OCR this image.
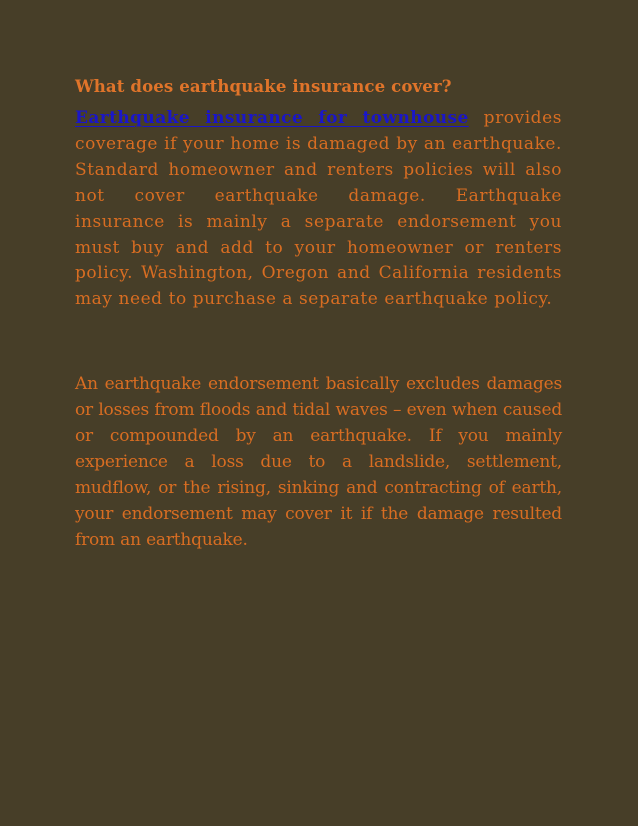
What does earthquake insurance cover?

Earthquake insurance for townhouse provides coverage if your home is damaged by an earthquake. Standard homeowner and renters policies will also not cover earthquake damage. Earthquake insurance is mainly a separate endorsement you must buy and add to your homeowner or renters policy. Washington, Oregon and California residents may need to purchase a separate earthquake policy.

An earthquake endorsement basically excludes damages or losses from floods and tidal waves – even when caused or compounded by an earthquake. If you mainly experience a loss due to a landslide, settlement, mudflow, or the rising, sinking and contracting of earth, your endorsement may cover it if the damage resulted from an earthquake.
